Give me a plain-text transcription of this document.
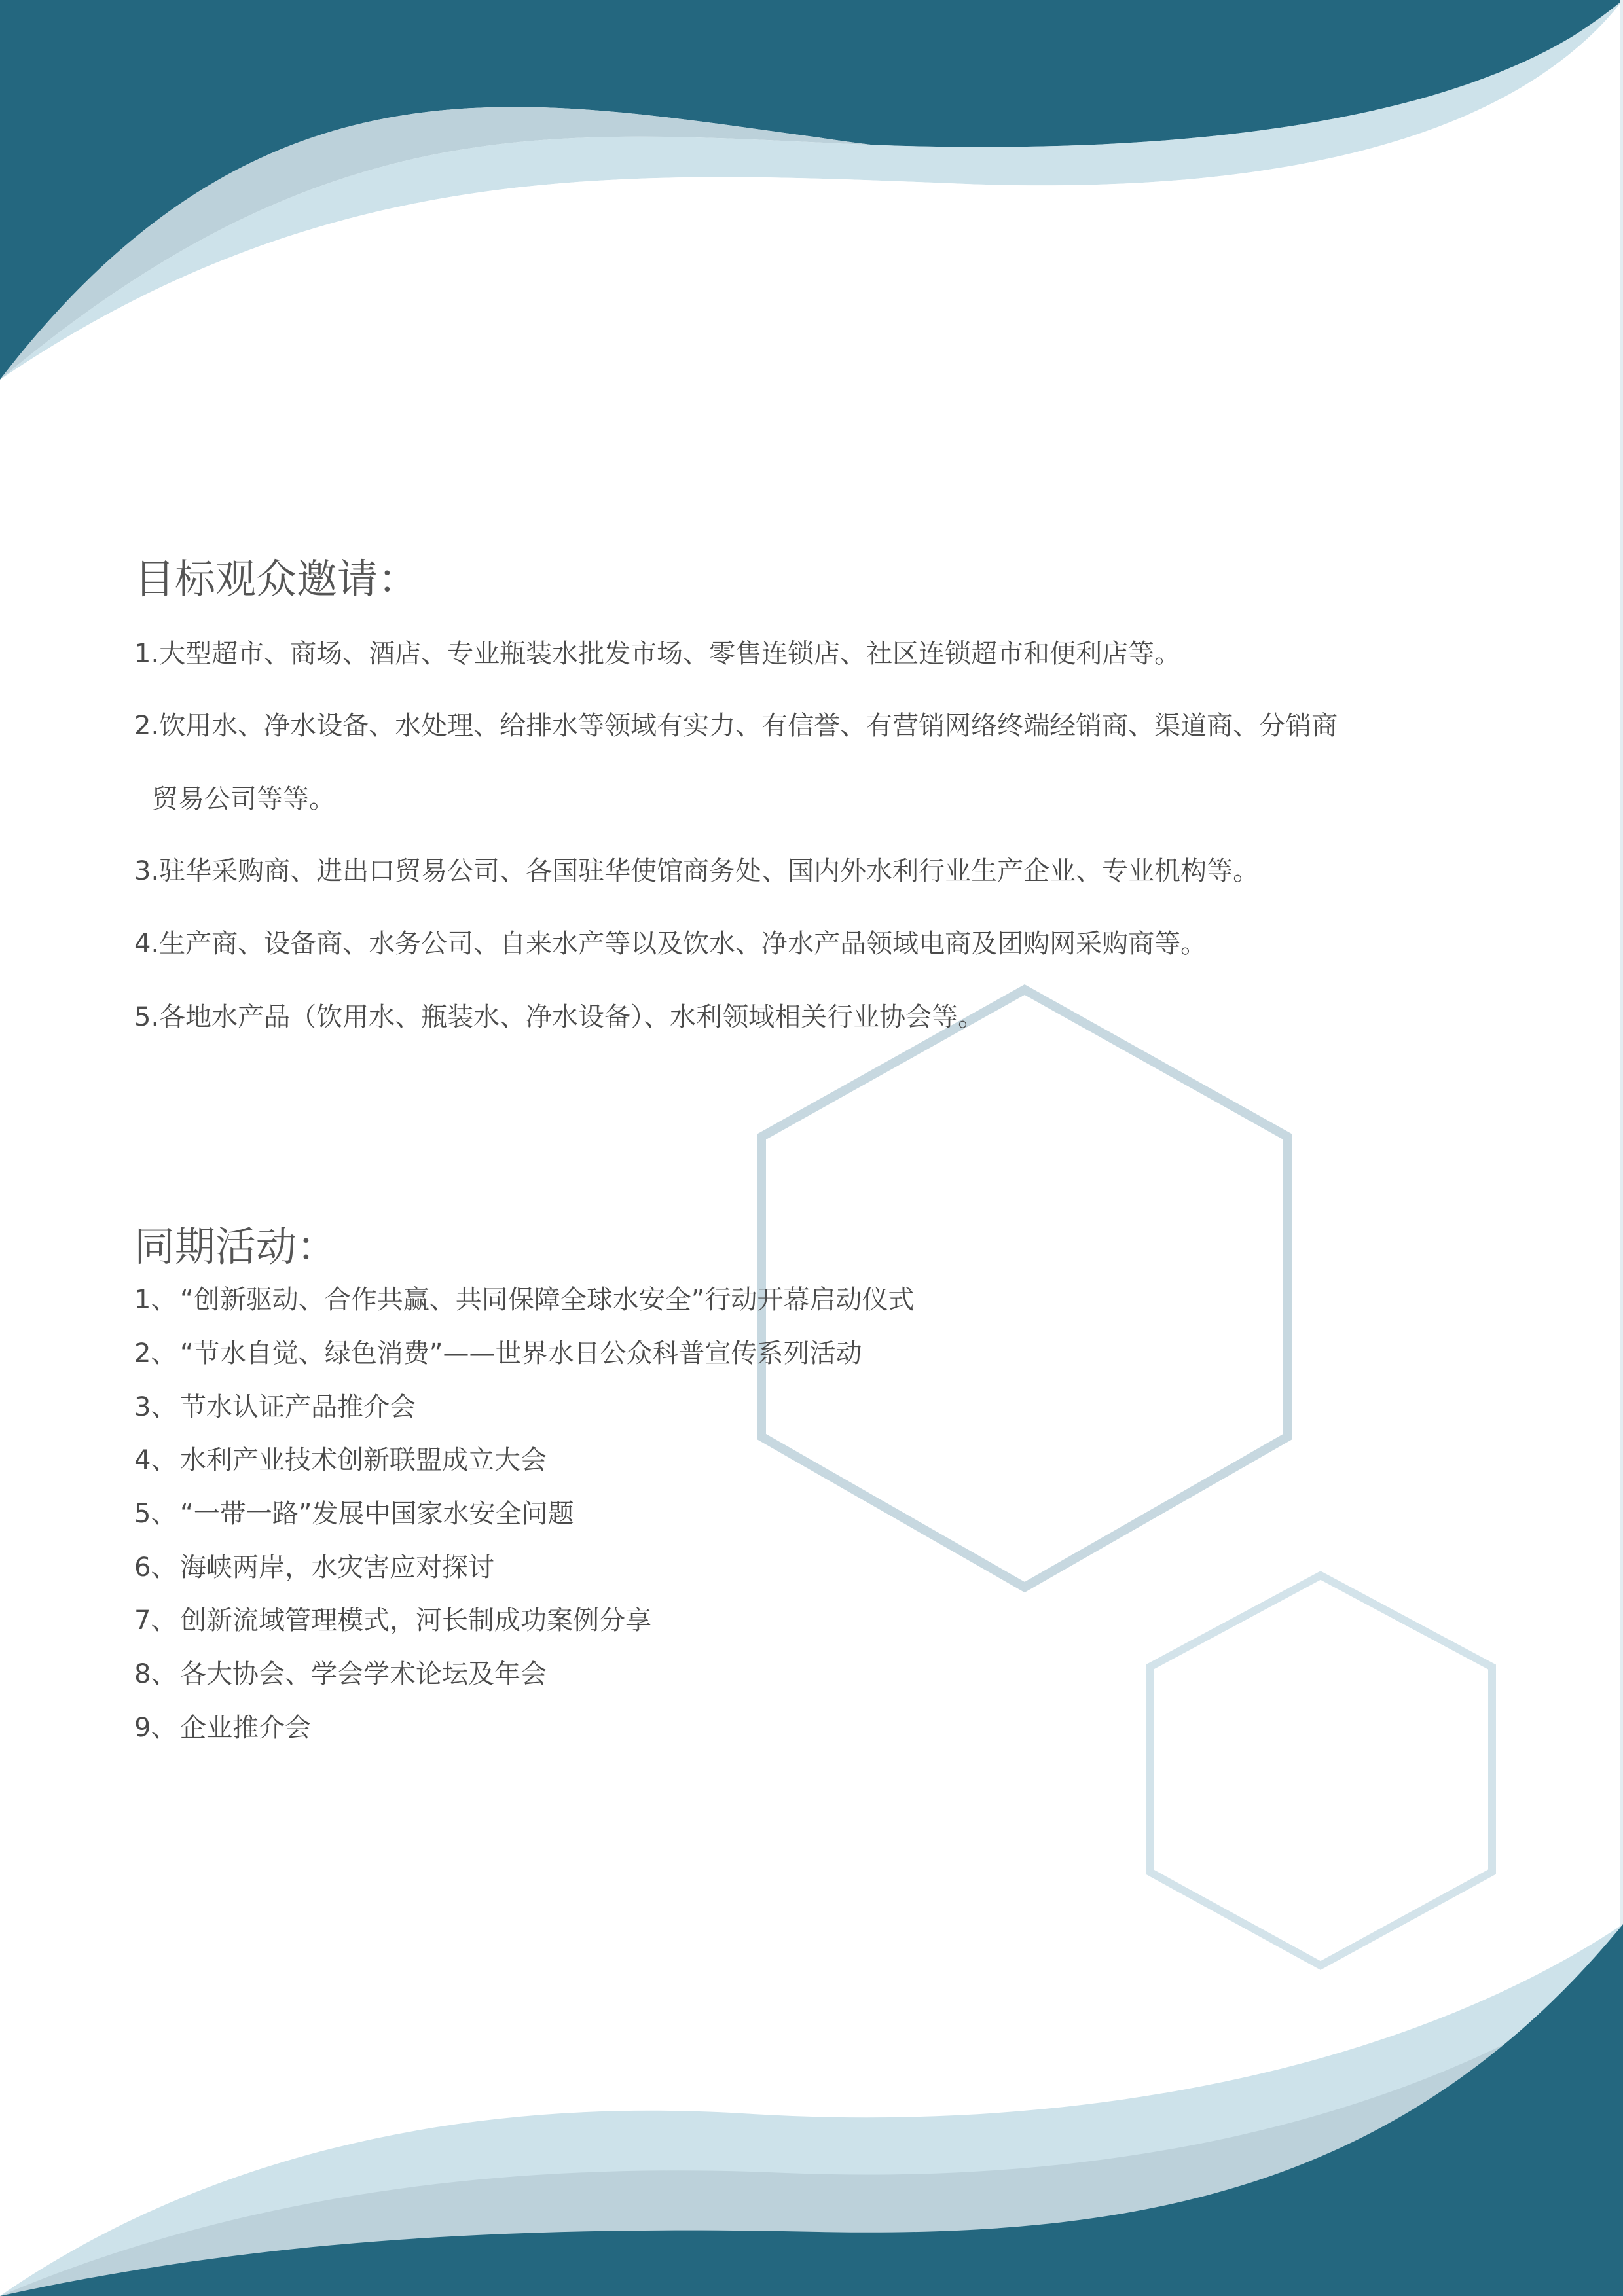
目标观众邀请：

1.大型超市、商场、酒店、专业瓶装水批发市场、零售连锁店、社区连锁超市和便利店等。

2.饮用水、净水设备、水处理、给排水等领域有实力、有信誉、有营销网络终端经销商、渠道商、分销商

贸易公司等等。

3.驻华采购商、进出口贸易公司、各国驻华使馆商务处、国内外水利行业生产企业、专业机构等。

4.生产商、设备商、水务公司、自来水产等以及饮水、净水产品领域电商及团购网采购商等。

5.各地水产品（饮用水、瓶装水、净水设备）、水利领域相关行业协会等。

同期活动：

1、 “创新驱动、合作共赢、共同保障全球水安全”行动开幕启动仪式

2、 “节水自觉、绿色消费”——世界水日公众科普宣传系列活动

3、 节水认证产品推介会

4、 水利产业技术创新联盟成立大会

5、 “一带一路”发展中国家水安全问题

6、 海峡两岸，水灾害应对探讨

7、 创新流域管理模式，河长制成功案例分享

8、 各大协会、学会学术论坛及年会

9、 企业推介会
